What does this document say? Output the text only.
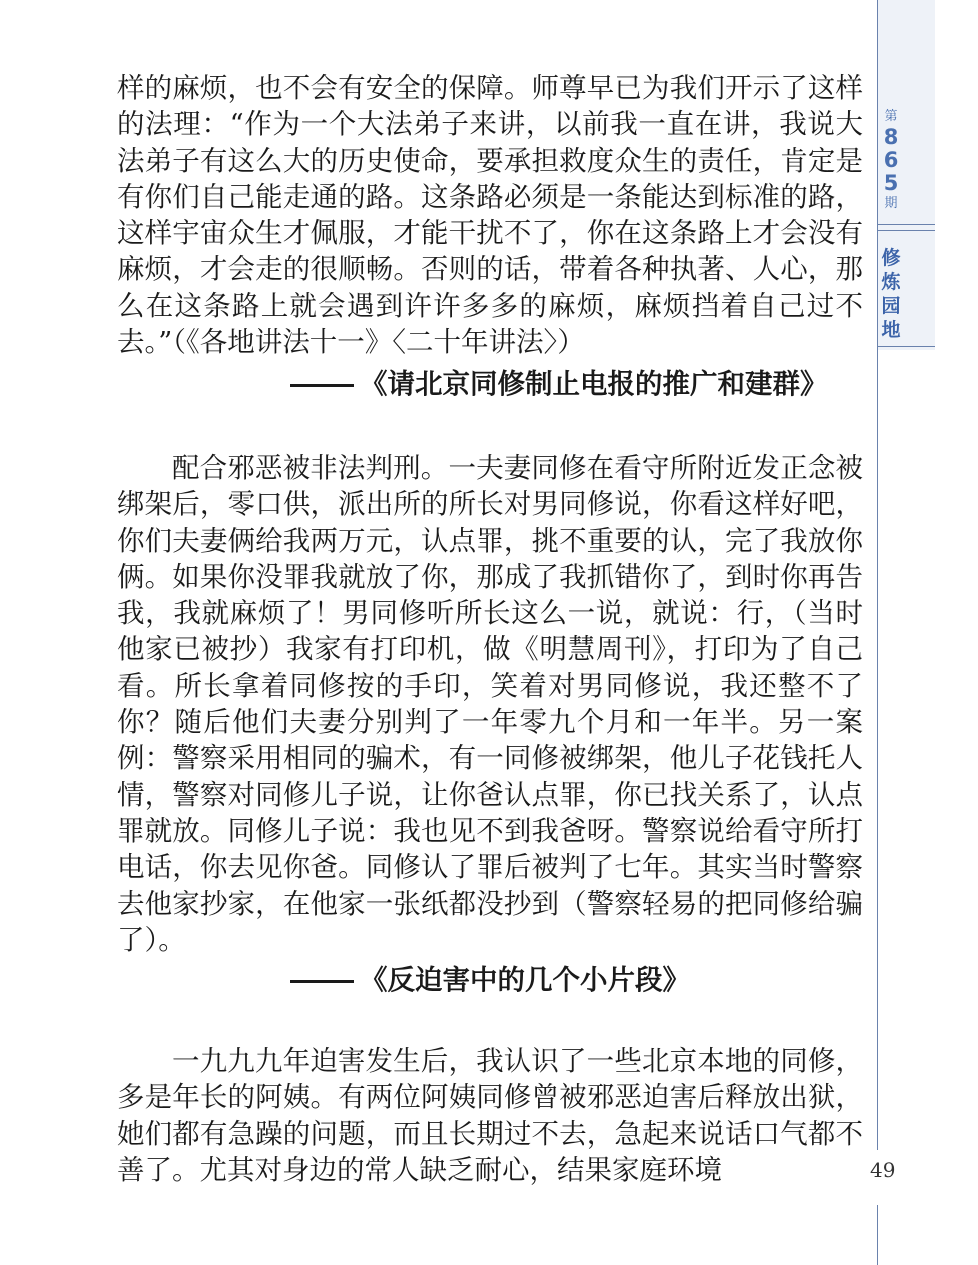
第
8
6
5
期
修
炼
园
地

样的麻烦，也不会有安全的保障。师尊早已为我们开示了这样的法理：“作为一个大法弟子来讲，以前我一直在讲，我说大法弟子有这么大的历史使命，要承担救度众生的责任，肯定是有你们自己能走通的路。这条路必须是一条能达到标准的路，这样宇宙众生才佩服，才能干扰不了，你在这条路上才会没有麻烦，才会走的很顺畅。否则的话，带着各种执著、人心，那么在这条路上就会遇到许许多多的麻烦，麻烦挡着自己过不去。”（《各地讲法十一》〈二十年讲法〉）

《请北京同修制止电报的推广和建群》

配合邪恶被非法判刑。一夫妻同修在看守所附近发正念被绑架后，零口供，派出所的所长对男同修说，你看这样好吧，你们夫妻俩给我两万元，认点罪，挑不重要的认，完了我放你俩。如果你没罪我就放了你，那成了我抓错你了，到时你再告我，我就麻烦了！男同修听所长这么一说，就说：行，（当时他家已被抄）我家有打印机，做《明慧周刊》，打印为了自己看。所长拿着同修按的手印，笑着对男同修说，我还整不了你？随后他们夫妻分别判了一年零九个月和一年半。另一案例：警察采用相同的骗术，有一同修被绑架，他儿子花钱托人情，警察对同修儿子说，让你爸认点罪，你已找关系了，认点罪就放。同修儿子说：我也见不到我爸呀。警察说给看守所打电话，你去见你爸。同修认了罪后被判了七年。其实当时警察去他家抄家，在他家一张纸都没抄到（警察轻易的把同修给骗了）。

《反迫害中的几个小片段》

一九九九年迫害发生后，我认识了一些北京本地的同修，多是年长的阿姨。有两位阿姨同修曾被邪恶迫害后释放出狱，她们都有急躁的问题，而且长期过不去，急起来说话口气都不善了。尤其对身边的常人缺乏耐心，结果家庭环境	49
